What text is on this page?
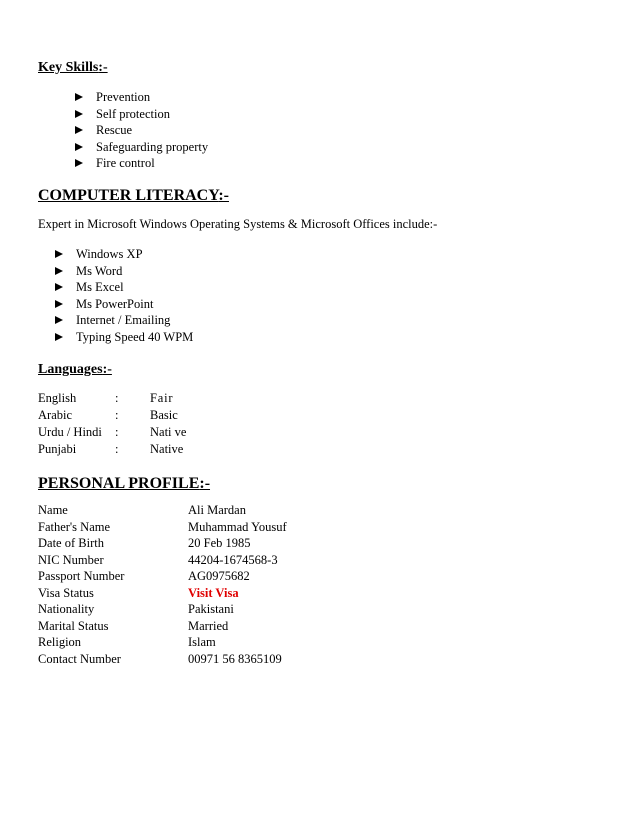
Key Skills:-
Prevention
Self protection
Rescue
Safeguarding property
Fire control
COMPUTER LITERACY:-
Expert in Microsoft Windows Operating Systems & Microsoft Offices include:-
Windows XP
Ms Word
Ms Excel
Ms PowerPoint
Internet / Emailing
Typing Speed 40 WPM
Languages:-
English	:	Fair
Arabic	:	Basic
Urdu / Hindi :	Nati ve
Punjabi	:	Native
PERSONAL PROFILE:-
Name	Ali Mardan
Father's Name	Muhammad Yousuf
Date of Birth	20 Feb 1985
NIC Number	44204-1674568-3
Passport Number	AG0975682
Visa Status	Visit Visa
Nationality	Pakistani
Marital Status	Married
Religion	Islam
Contact Number	00971 56 8365109
